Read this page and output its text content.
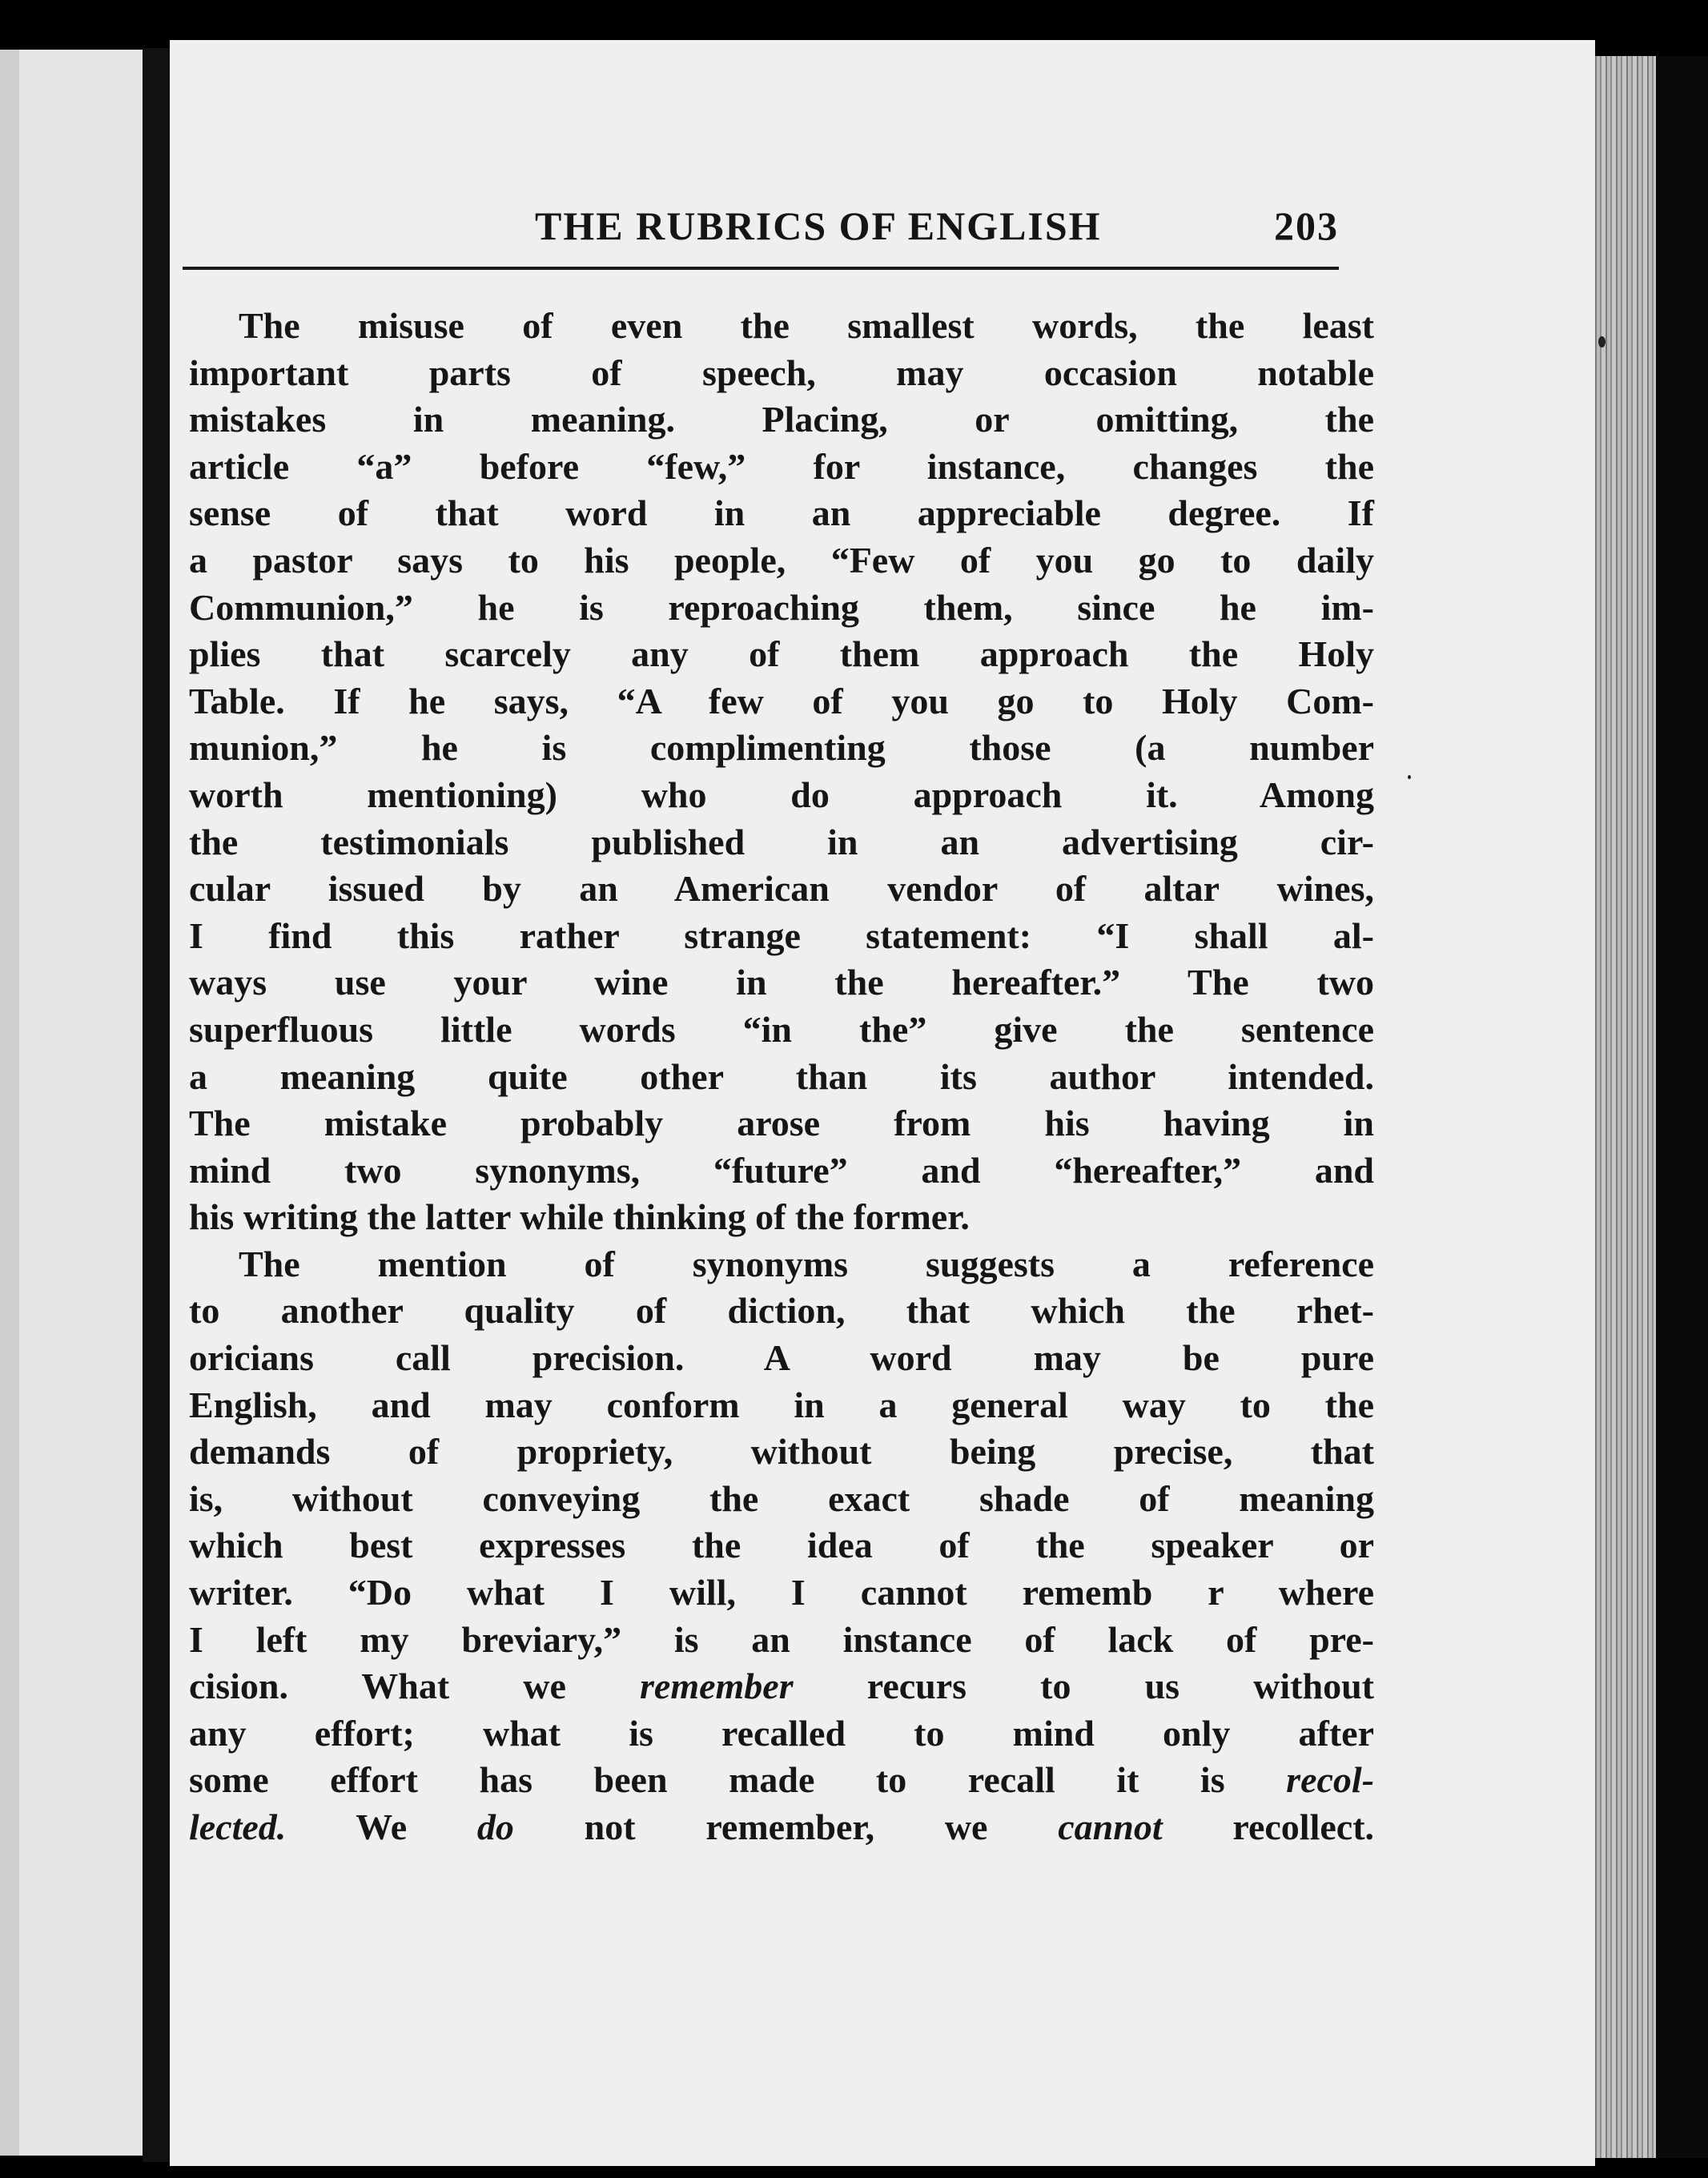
THE RUBRICS OF ENGLISH	203
The misuse of even the smallest words, the least
important parts of speech, may occasion notable
mistakes in meaning. Placing, or omitting, the
article “a” before “few,” for instance, changes the
sense of that word in an appreciable degree. If
a pastor says to his people, “Few of you go to daily
Communion,” he is reproaching them, since he im-
plies that scarcely any of them approach the Holy
Table. If he says, “A few of you go to Holy Com-
munion,” he is complimenting those (a number
worth mentioning) who do approach it. Among
the testimonials published in an advertising cir-
cular issued by an American vendor of altar wines,
I find this rather strange statement: “I shall al-
ways use your wine in the hereafter.” The two
superfluous little words “in the” give the sentence
a meaning quite other than its author intended.
The mistake probably arose from his having in
mind two synonyms, “future” and “hereafter,” and
his writing the latter while thinking of the former.
The mention of synonyms suggests a reference
to another quality of diction, that which the rhet-
oricians call precision. A word may be pure
English, and may conform in a general way to the
demands of propriety, without being precise, that
is, without conveying the exact shade of meaning
which best expresses the idea of the speaker or
writer. “Do what I will, I cannot rememb r where
I left my breviary,” is an instance of lack of pre-
cision. What we remember recurs to us without
any effort; what is recalled to mind only after
some effort has been made to recall it is recol-
lected. We do not remember, we cannot recollect.
